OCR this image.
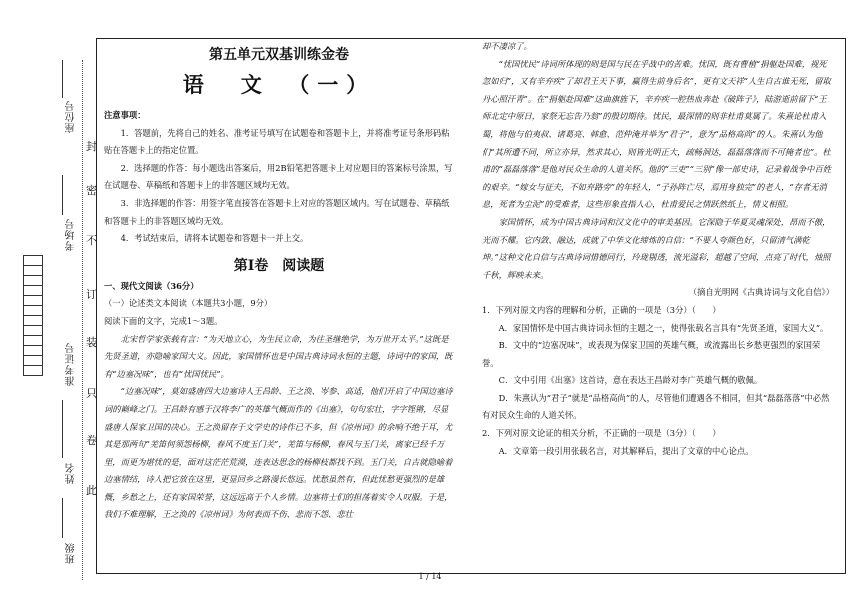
封
密
不
订
装
只
卷
此
座位号
考场号
准考证号
姓名
班级
第五单元双基训练金卷
语　文　（一）
注意事项：
1．答题前，先将自己的姓名、准考证号填写在试题卷和答题卡上，并将准考证号条形码粘贴在答题卡上的指定位置。
2．选择题的作答：每小题选出答案后，用2B铅笔把答题卡上对应题目的答案标号涂黑，写在试题卷、草稿纸和答题卡上的非答题区域均无效。
3．非选择题的作答：用签字笔直接答在答题卡上对应的答题区域内。写在试题卷、草稿纸和答题卡上的非答题区域均无效。
4．考试结束后，请将本试题卷和答题卡一并上交。
第Ⅰ卷　阅读题
一、现代文阅读（36分）
（一）论述类文本阅读（本题共3小题，9分）
阅读下面的文字，完成1～3题。
北宋哲学家张载有言：“为天地立心，为生民立命，为往圣继绝学，为万世开太平。”这既是先贤圣道，亦隐喻家国大义。因此，家国情怀也是中国古典诗词永恒的主题，诗词中的家国，既有“边塞况味”，也有“忧国忧民”。
“边塞况味”，莫如盛唐四大边塞诗人王昌龄、王之涣、岑参、高适，他们开启了中国边塞诗词的巅峰之门。王昌龄有感于汉将李广的英雄气概而作的《出塞》，句句宏壮，字字铿锵，尽显盛唐人保家卫国的决心。王之涣留存于文学史的诗作已不多，但《凉州词》的余响不绝于耳，尤其是那两句“羌笛何须怨杨柳，春风不度玉门关”，羌笛与杨柳，春风与玉门关，离家已经千万里，而更为堪忧的是，面对这茫茫荒漠，连表达思念的杨柳枝都找不到。玉门关，自古就隐喻着边塞情结，诗人把它放在这里，更显回乡之路漫长悠远。忧愁虽然有，但此忧愁更强烈的是雄慨，乡愁之上，还有家国荣誉，这远远高于个人乡情。边塞将士们的担荡着实令人叹服。于是，我们不难理解，王之涣的《凉州词》为何表而不伤、悲而不怨、悲壮
却不凄凉了。
“忧国忧民”诗词所体现的则是国与民在乎战中的苦难。忧国，既有曹植“捐躯赴国难，视死忽如归”，又有辛弃疾“了却君王天下事，赢得生前身后名”，更有文天祥“人生自古谁无死，留取丹心照汗青”。在“捐躯赴国难”这曲旗旌下，辛弃疾一腔热血奔赴《破阵子》，陆游逝前留下“王师北定中原日，家祭无忘告乃翁”的殷切期待。忧民，最深情的则非杜甫莫属了。朱熹论杜甫入蜀，将他与伯夷叔、诸葛亮、韩愈、范仲淹并举为“君子”，意为“品格高尚”的人。朱熹认为他们“其所遭不同，所立亦异，然求其心，则皆光明正大，疏畅洞达，磊磊落落而不可掩者也”。杜甫的“磊磊落落”是他对民众生命的人道关怀。他的“三吏”“三别”像一部史诗，记录着战争中百姓的艰辛。“嫁女与征夫，不如弃路旁”的年轻人，“子孙阵亡尽，焉用身独完”的老人，“存者无消息，死者为尘泥”的受难者，这些形象直指人心，杜甫爱民之情跃然纸上，情义相照。
家国情怀，成为中国古典诗词和汉文化中的审美基因。它深隐于华夏灵魂深处，昂而不傲，光而不耀。它内敛、融达，成就了中华文化缔炼的自信：“不要人夸颜色好，只留清气满乾坤。”这种文化自信与古典诗词惜德同行，玲珑剔透，流光溢彩，超越了空间，点亮了时代，烛照千秋，辉映未来。
（摘自光明网《古典诗词与文化自信》）
1．下列对原文内容的理解和分析，正确的一项是（3分）（　　）
A．家国情怀是中国古典诗词永恒的主题之一，使得张载名言具有“先贤圣道，家国大义”。
B．文中的“边塞况味”，或表现为保家卫国的英雄气概，或流露出长乡愁更强烈的家国荣誉。
C．文中引用《出塞》这首诗，意在表达王昌龄对李广英雄气概的敬佩。
D．朱熹认为“君子”就是“品格高尚”的人，尽管他们遭遇各不相同，但其“磊磊落落”中必然有对民众生命的人道关怀。
2．下列对原文论证的相关分析，不正确的一项是（3分）（　　）
A．文章第一段引用张载名言，对其解释后，提出了文章的中心论点。
1 / 14
